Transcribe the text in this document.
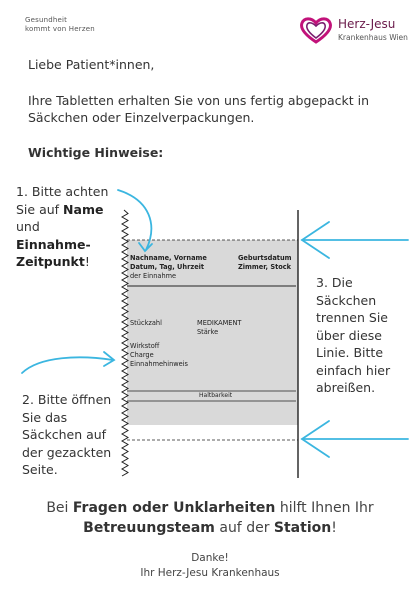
Gesundheit
kommt von Herzen	Herz-Jesu
Krankenhaus Wien
Liebe Patient*innen,
Ihre Tabletten erhalten Sie von uns fertig abgepackt in Säckchen oder Einzelverpackungen.
Wichtige Hinweise:
1. Bitte achten Sie auf Name und Einnahme-Zeitpunkt!
2. Bitte öffnen Sie das Säckchen auf der gezackten Seite.
3. Die Säckchen trennen Sie über diese Linie. Bitte einfach hier abreißen.
Nachname, Vorname
Datum, Tag, Uhrzeit
der Einnahme
Geburtsdatum
Zimmer, Stock
Stückzahl	MEDIKAMENT
Stärke
Wirkstoff
Charge
Einnahmehinweis
Haltbarkeit
Bei Fragen oder Unklarheiten hilft Ihnen Ihr
Betreuungsteam auf der Station!
Danke!
Ihr Herz-Jesu Krankenhaus
